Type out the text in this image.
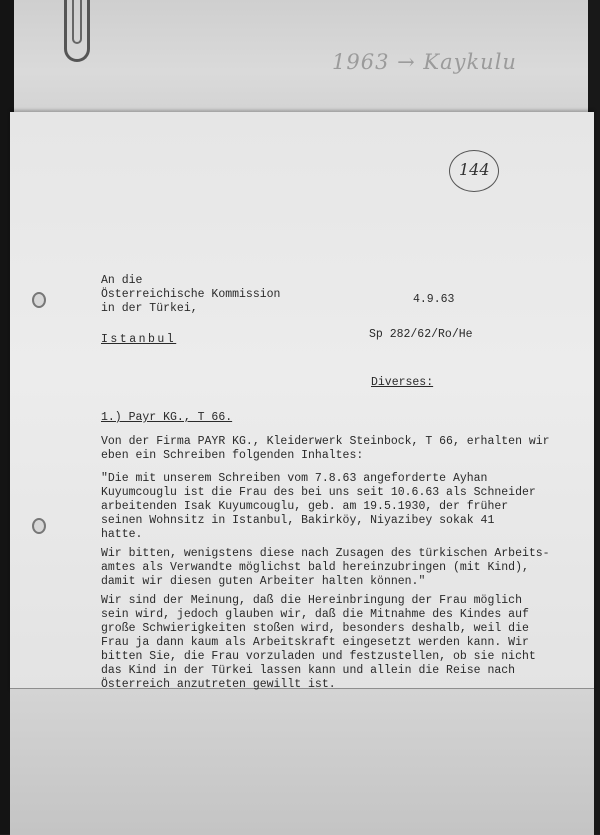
1963 → Kaykulu
144
An die
Österreichische Kommission
in der Türkei,
4.9.63
Istanbul	Sp 282/62/Ro/He
Diverses:
1.) Payr KG., T 66.
Von der Firma PAYR KG., Kleiderwerk Steinbock, T 66, erhalten wir
eben ein Schreiben folgenden Inhaltes:
"Die mit unserem Schreiben vom 7.8.63 angeforderte Ayhan
Kuyumcouglu ist die Frau des bei uns seit 10.6.63 als Schneider
arbeitenden Isak Kuyumcouglu, geb. am 19.5.1930, der früher
seinen Wohnsitz in Istanbul, Bakirköy, Niyazibey sokak 41
hatte.
Wir bitten, wenigstens diese nach Zusagen des türkischen Arbeits-
amtes als Verwandte möglichst bald hereinzubringen (mit Kind),
damit wir diesen guten Arbeiter halten können."
Wir sind der Meinung, daß die Hereinbringung der Frau möglich
sein wird, jedoch glauben wir, daß die Mitnahme des Kindes auf
große Schwierigkeiten stoßen wird, besonders deshalb, weil die
Frau ja dann kaum als Arbeitskraft eingesetzt werden kann. Wir
bitten Sie, die Frau vorzuladen und festzustellen, ob sie nicht
das Kind in der Türkei lassen kann und allein die Reise nach
Österreich anzutreten gewillt ist.
